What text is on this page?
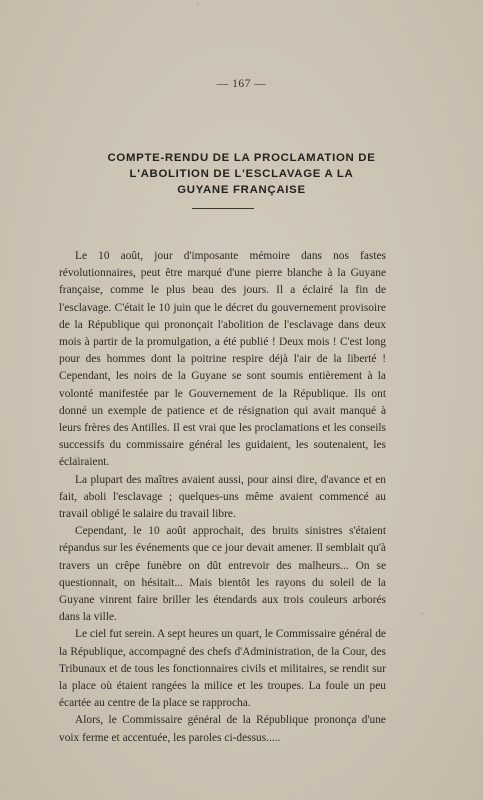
— 167 —
COMPTE-RENDU DE LA PROCLAMATION DE
L'ABOLITION DE L'ESCLAVAGE A LA
GUYANE FRANÇAISE

Le 10 août, jour d'imposante mémoire dans nos fastes révolutionnaires, peut être marqué d'une pierre blanche à la Guyane française, comme le plus beau des jours. Il a éclairé la fin de l'esclavage. C'était le 10 juin que le décret du gouvernement provisoire de la République qui prononçait l'abolition de l'esclavage dans deux mois à partir de la promulgation, a été publié ! Deux mois ! C'est long pour des hommes dont la poitrine respire déjà l'air de la liberté ! Cependant, les noirs de la Guyane se sont soumis entièrement à la volonté manifestée par le Gouvernement de la République. Ils ont donné un exemple de patience et de résignation qui avait manqué à leurs frères des Antilles. Il est vrai que les proclamations et les conseils successifs du commissaire général les guidaient, les soutenaient, les éclairaient.

La plupart des maîtres avaient aussi, pour ainsi dire, d'avance et en fait, aboli l'esclavage ; quelques-uns même avaient commencé au travail obligé le salaire du travail libre.

Cependant, le 10 août approchait, des bruits sinistres s'étaient répandus sur les événements que ce jour devait amener. Il semblait qu'à travers un crêpe funèbre on dût entrevoir des malheurs... On se questionnait, on hésitait... Mais bientôt les rayons du soleil de la Guyane vinrent faire briller les étendards aux trois couleurs arborés dans la ville.

Le ciel fut serein. A sept heures un quart, le Commissaire général de la République, accompagné des chefs d'Administration, de la Cour, des Tribunaux et de tous les fonctionnaires civils et militaires, se rendit sur la place où étaient rangées la milice et les troupes. La foule un peu écartée au centre de la place se rapprocha.

Alors, le Commissaire général de la République prononça d'une voix ferme et accentuée, les paroles ci-dessus.....
